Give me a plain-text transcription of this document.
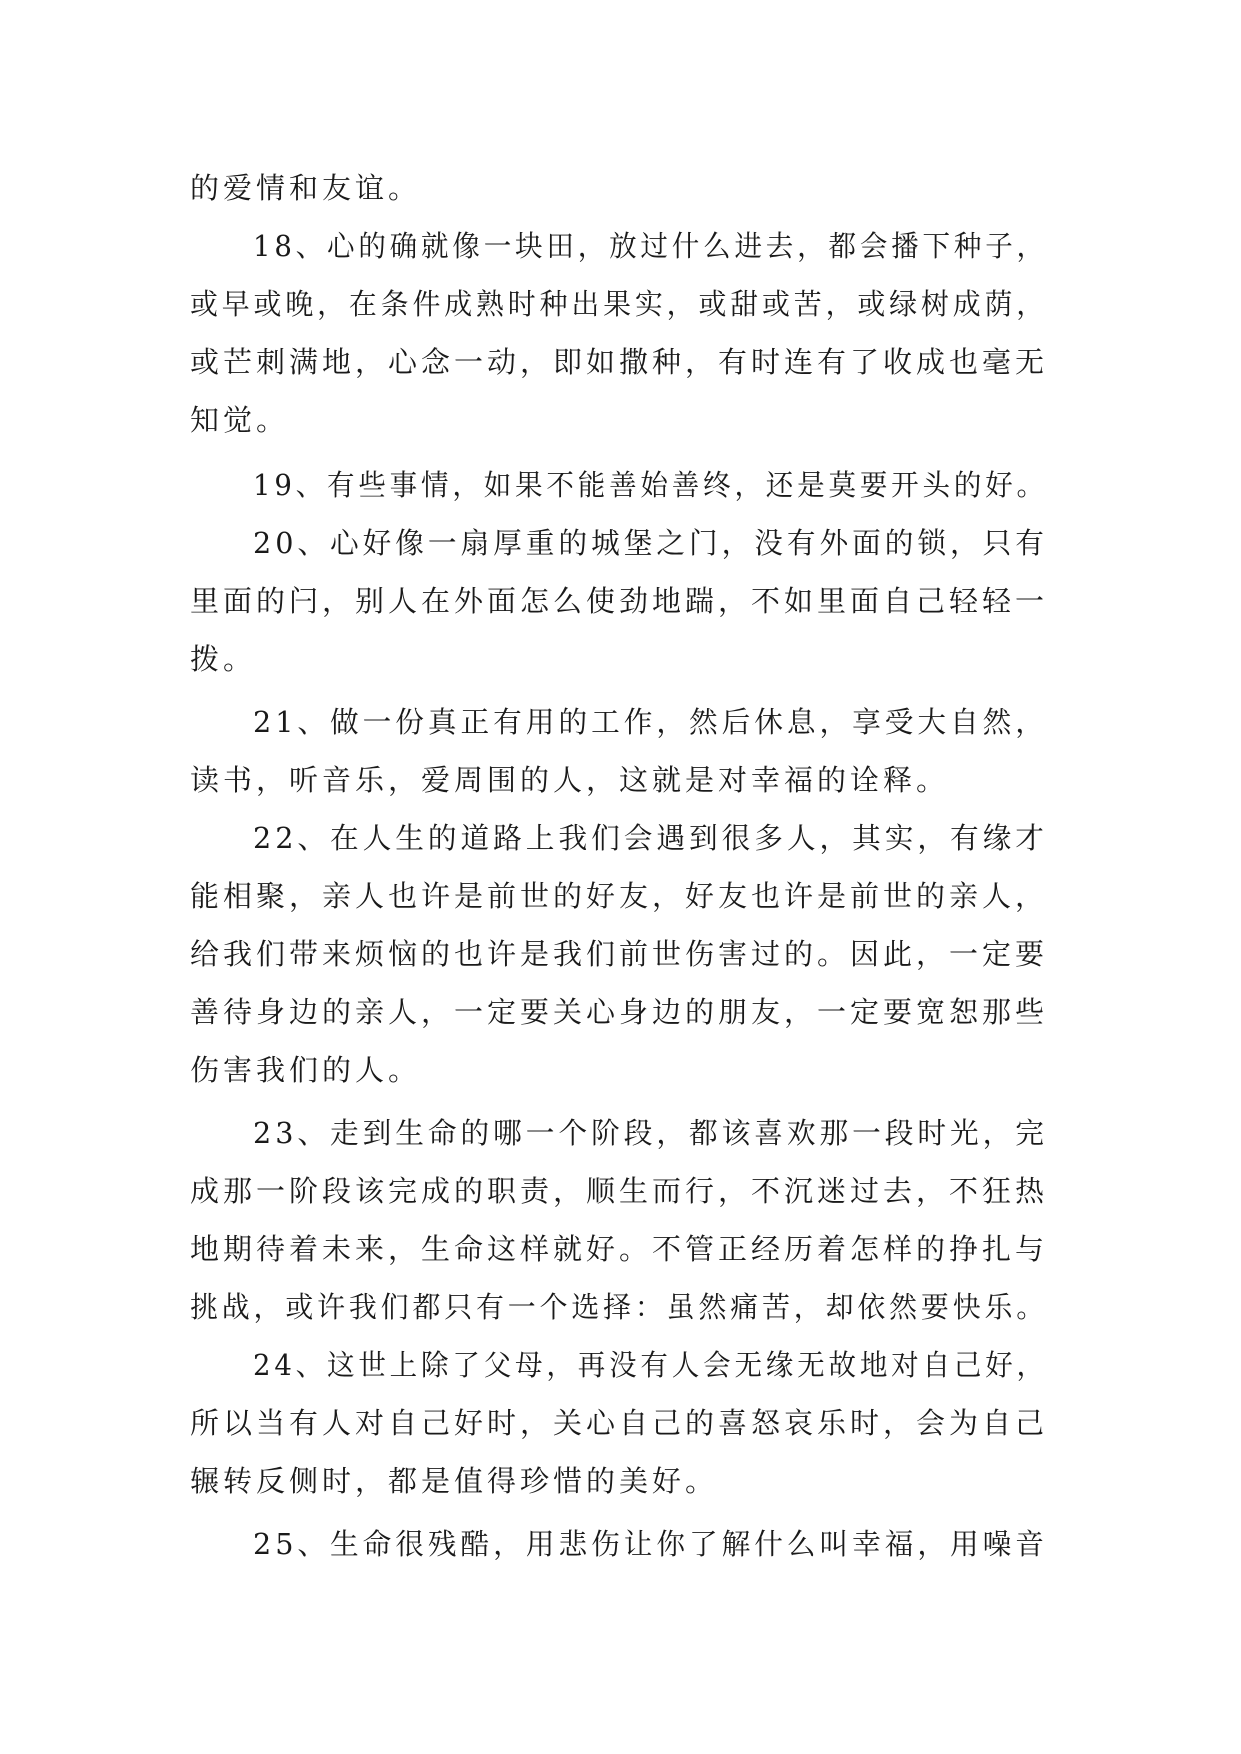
的爱情和友谊。
18、心的确就像一块田，放过什么进去，都会播下种子，
或早或晚，在条件成熟时种出果实，或甜或苦，或绿树成荫，
或芒刺满地，心念一动，即如撒种，有时连有了收成也毫无
知觉。
19、有些事情，如果不能善始善终，还是莫要开头的好。
20、心好像一扇厚重的城堡之门，没有外面的锁，只有
里面的闩，别人在外面怎么使劲地踹，不如里面自己轻轻一
拨。
21、做一份真正有用的工作，然后休息，享受大自然，
读书，听音乐，爱周围的人，这就是对幸福的诠释。
22、在人生的道路上我们会遇到很多人，其实，有缘才
能相聚，亲人也许是前世的好友，好友也许是前世的亲人，
给我们带来烦恼的也许是我们前世伤害过的。因此，一定要
善待身边的亲人，一定要关心身边的朋友，一定要宽恕那些
伤害我们的人。
23、走到生命的哪一个阶段，都该喜欢那一段时光，完
成那一阶段该完成的职责，顺生而行，不沉迷过去，不狂热
地期待着未来，生命这样就好。不管正经历着怎样的挣扎与
挑战，或许我们都只有一个选择：虽然痛苦，却依然要快乐。
24、这世上除了父母，再没有人会无缘无故地对自己好，
所以当有人对自己好时，关心自己的喜怒哀乐时，会为自己
辗转反侧时，都是值得珍惜的美好。
25、生命很残酷，用悲伤让你了解什么叫幸福，用噪音
